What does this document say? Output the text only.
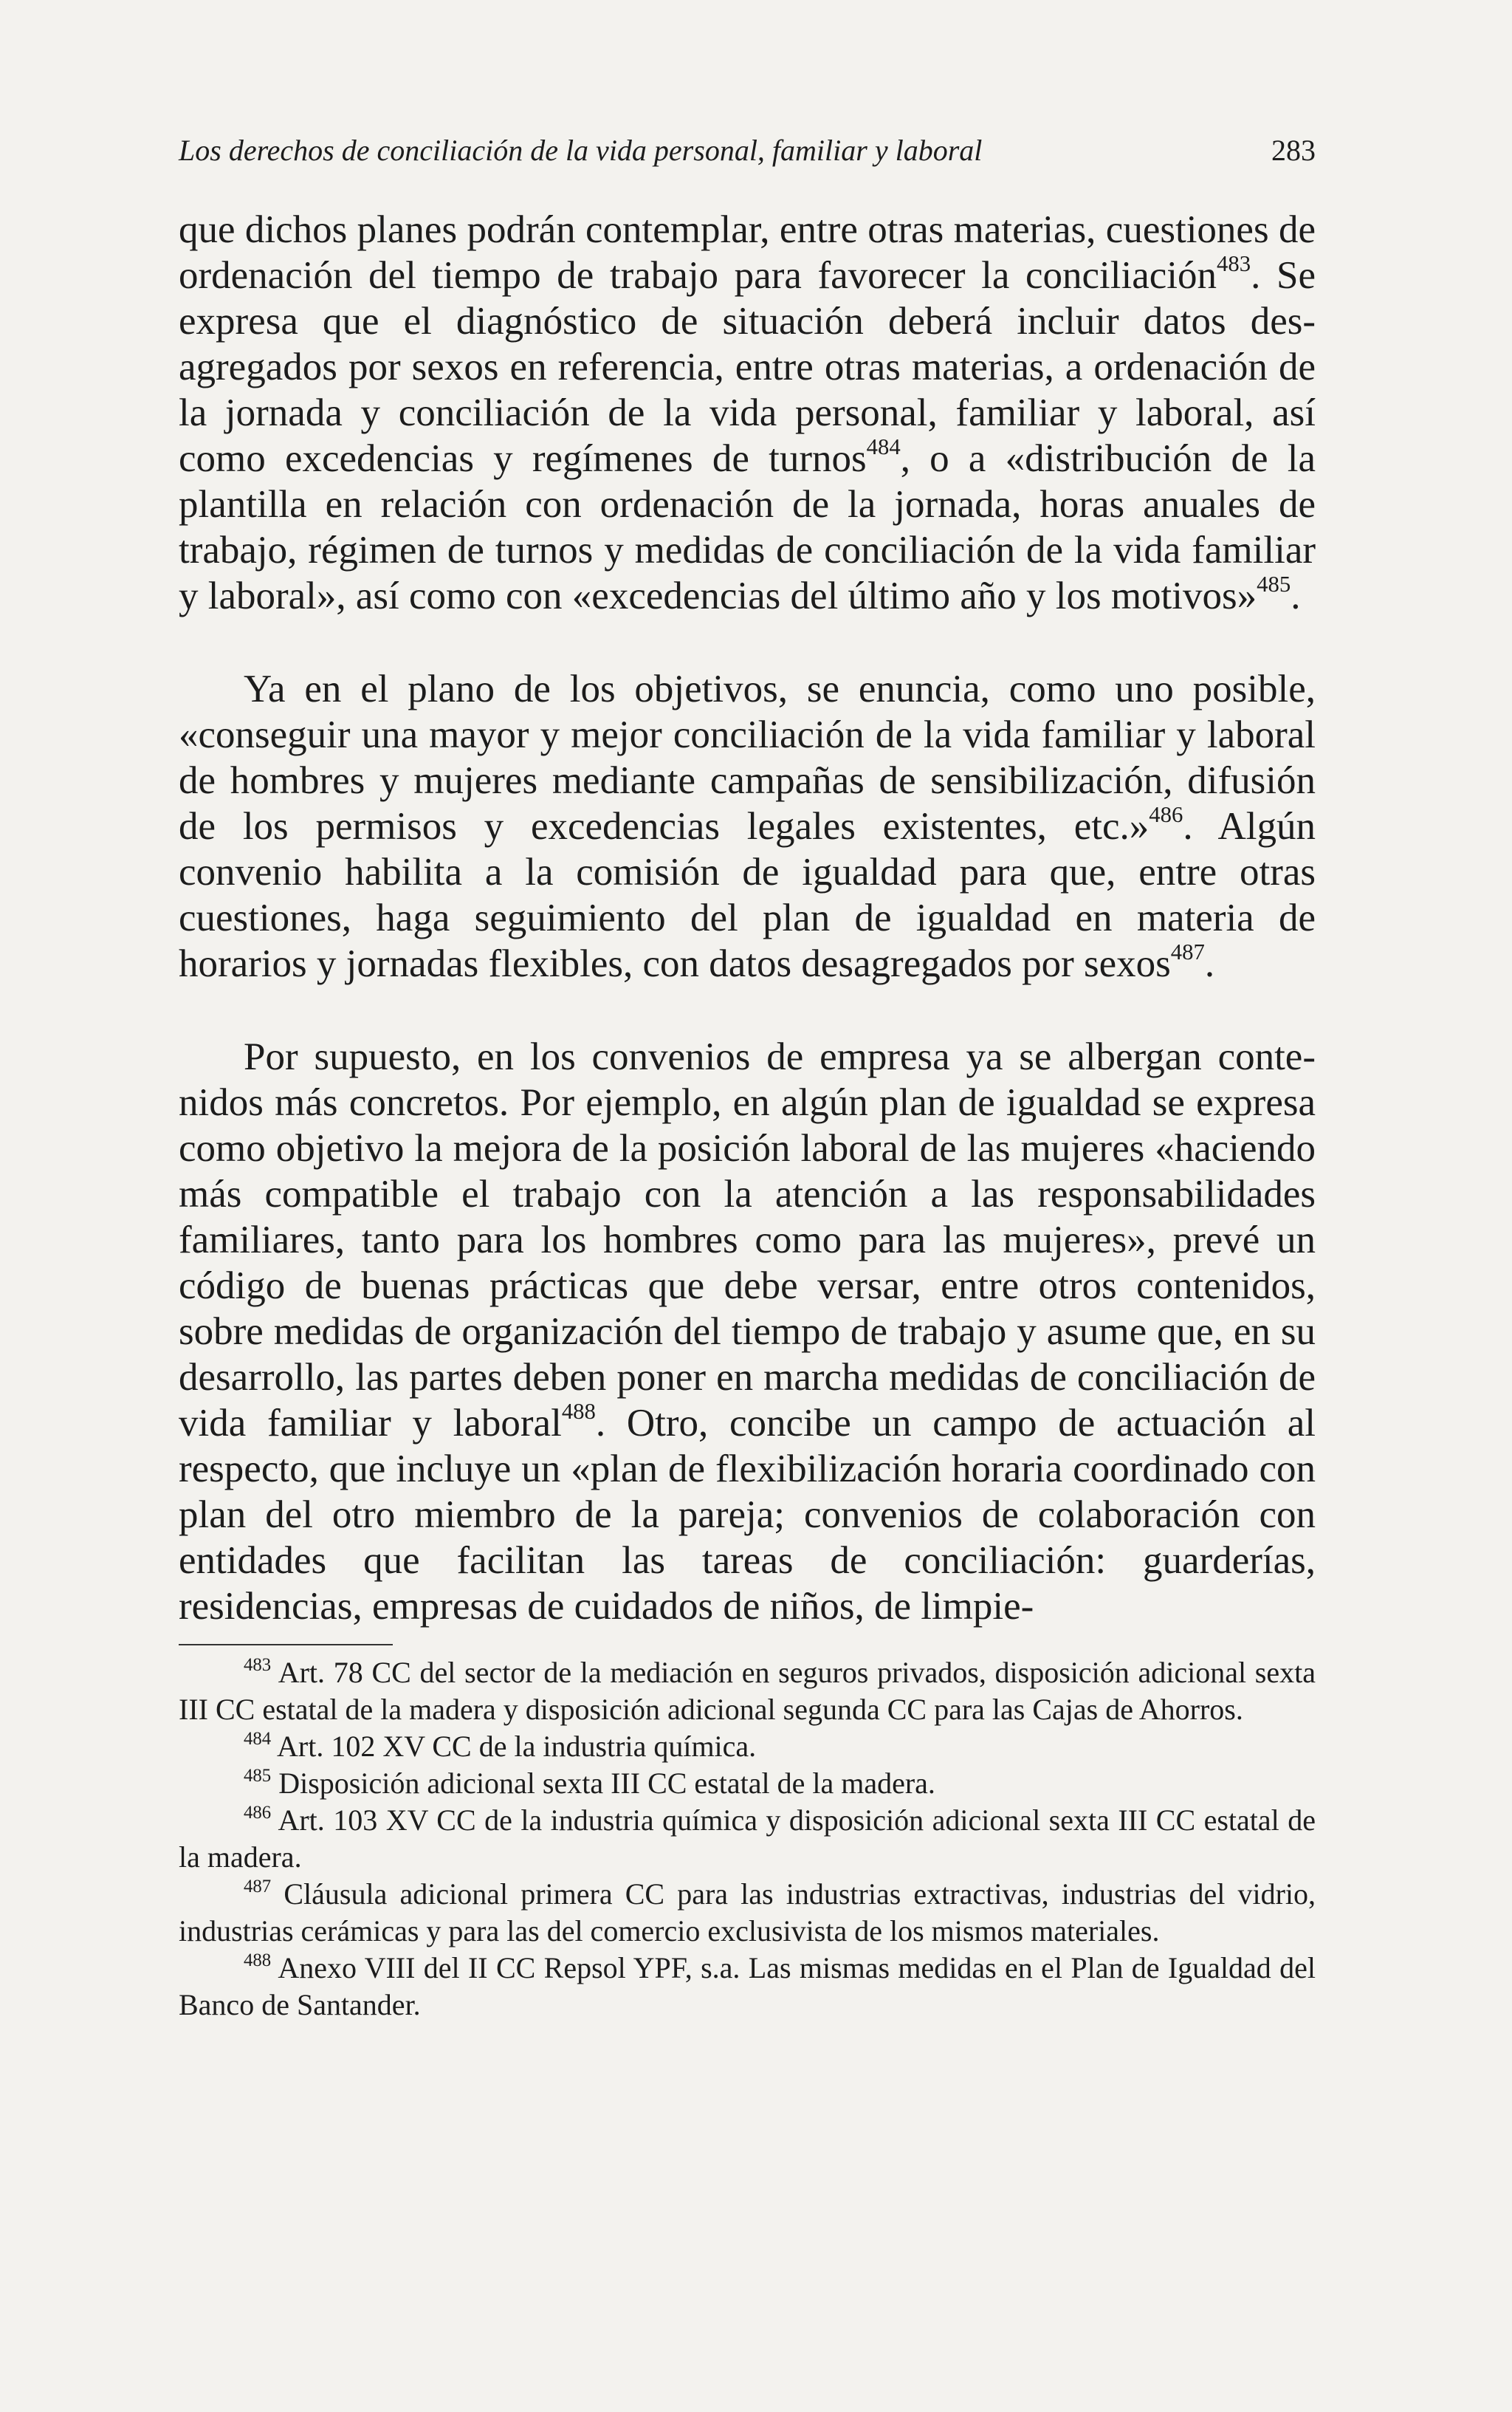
Los derechos de conciliación de la vida personal, familiar y laboral	283

que dichos planes podrán contemplar, entre otras materias, cuestiones de ordenación del tiempo de trabajo para favorecer la conciliación$^{483}$. Se expresa que el diagnóstico de situación deberá incluir datos desagregados por sexos en referencia, entre otras materias, a ordenación de la jornada y conciliación de la vida personal, familiar y laboral, así como excedencias y regímenes de turnos$^{484}$, o a «distribución de la plantilla en relación con ordenación de la jornada, horas anuales de trabajo, régimen de turnos y medidas de conciliación de la vida familiar y laboral», así como con «excedencias del último año y los motivos»$^{485}$.

Ya en el plano de los objetivos, se enuncia, como uno posible, «conseguir una mayor y mejor conciliación de la vida familiar y laboral de hombres y mujeres mediante campañas de sensibilización, difusión de los permisos y excedencias legales existentes, etc.»$^{486}$. Algún convenio habilita a la comisión de igualdad para que, entre otras cuestiones, haga seguimiento del plan de igualdad en materia de horarios y jornadas flexibles, con datos desagregados por sexos$^{487}$.

Por supuesto, en los convenios de empresa ya se albergan contenidos más concretos. Por ejemplo, en algún plan de igualdad se expresa como objetivo la mejora de la posición laboral de las mujeres «haciendo más compatible el trabajo con la atención a las responsabilidades familiares, tanto para los hombres como para las mujeres», prevé un código de buenas prácticas que debe versar, entre otros contenidos, sobre medidas de organización del tiempo de trabajo y asume que, en su desarrollo, las partes deben poner en marcha medidas de conciliación de vida familiar y laboral$^{488}$. Otro, concibe un campo de actuación al respecto, que incluye un «plan de flexibilización horaria coordinado con plan del otro miembro de la pareja; convenios de colaboración con entidades que facilitan las tareas de conciliación: guarderías, residencias, empresas de cuidados de niños, de limpie-

$^{483}$ Art. 78 CC del sector de la mediación en seguros privados, disposición adicional sexta III CC estatal de la madera y disposición adicional segunda CC para las Cajas de Ahorros.

$^{484}$ Art. 102 XV CC de la industria química.

$^{485}$ Disposición adicional sexta III CC estatal de la madera.

$^{486}$ Art. 103 XV CC de la industria química y disposición adicional sexta III CC estatal de la madera.

$^{487}$ Cláusula adicional primera CC para las industrias extractivas, industrias del vidrio, industrias cerámicas y para las del comercio exclusivista de los mismos materiales.

$^{488}$ Anexo VIII del II CC Repsol YPF, s.a. Las mismas medidas en el Plan de Igualdad del Banco de Santander.
